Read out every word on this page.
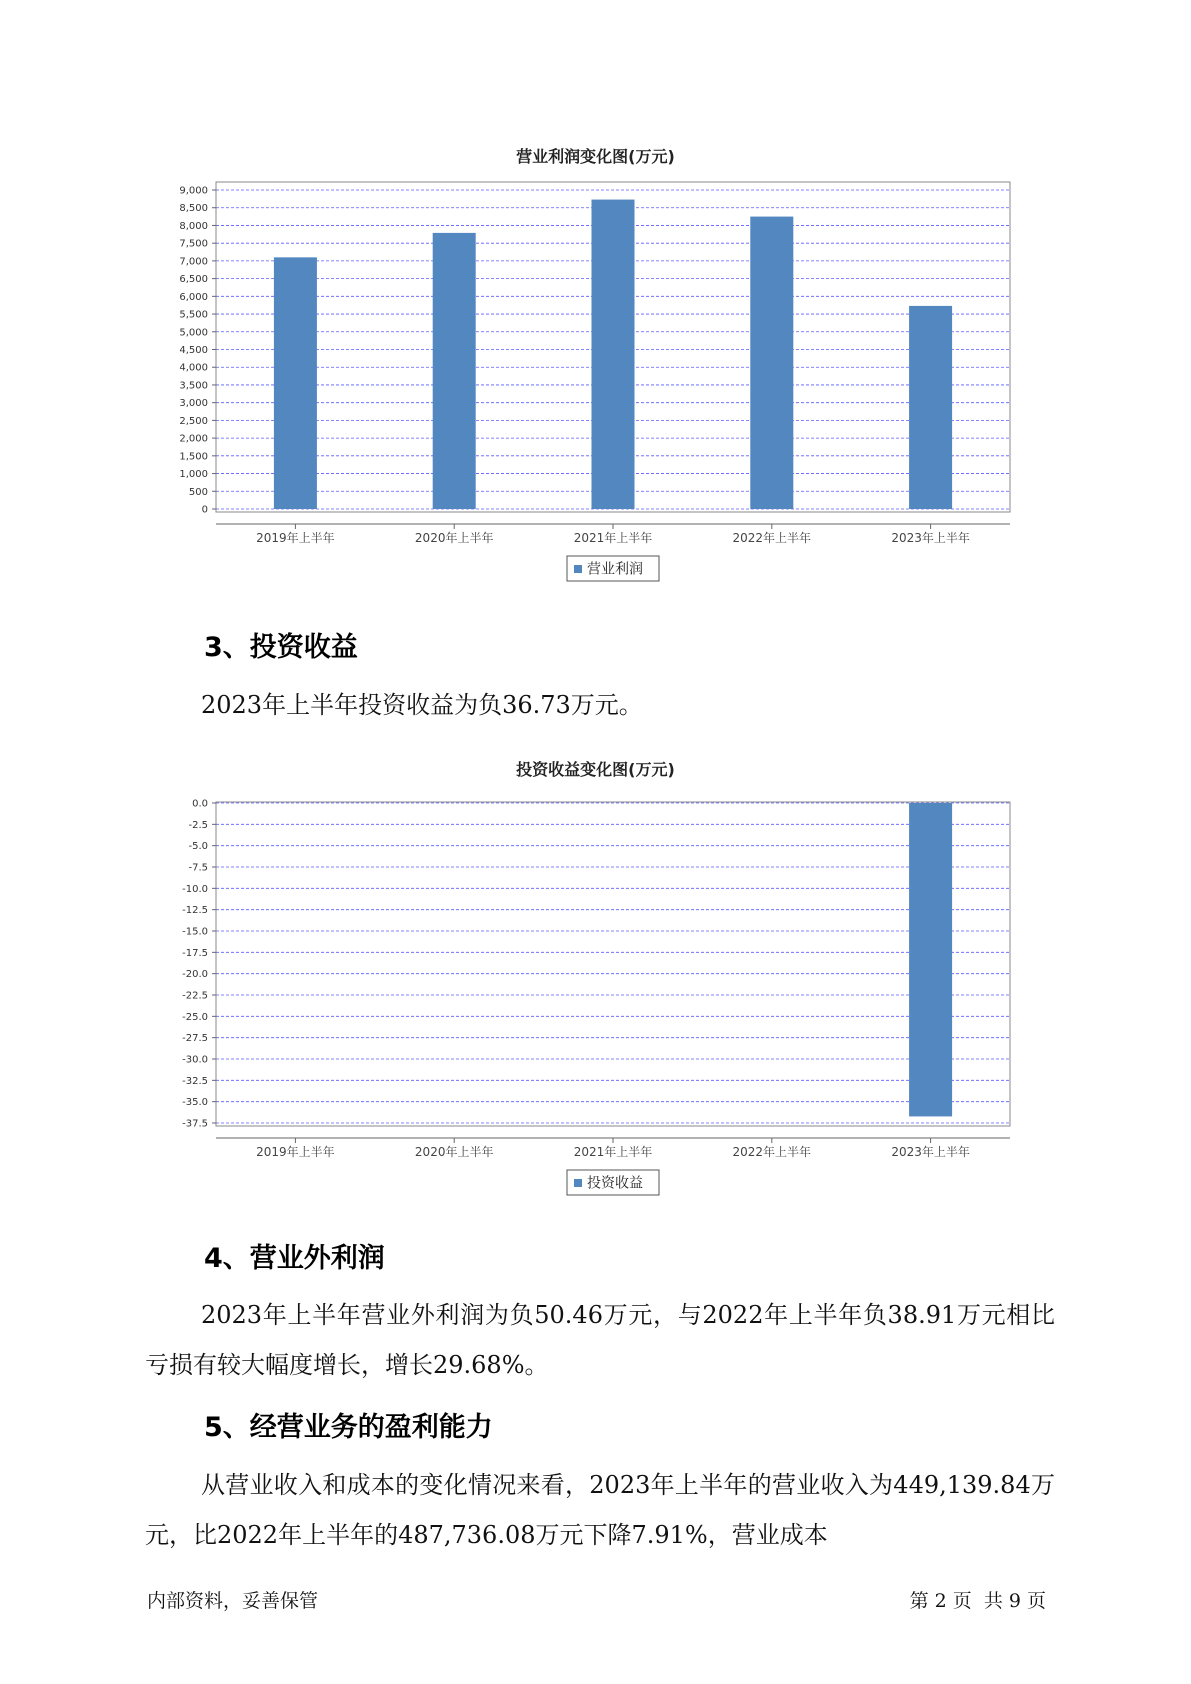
营业利润变化图(万元)
0
500
1,000
1,500
2,000
2,500
3,000
3,500
4,000
4,500
5,000
5,500
6,000
6,500
7,000
7,500
8,000
8,500
9,000
2019年上半年	2020年上半年	2021年上半年	2022年上半年	2023年上半年
营业利润
3、投资收益
2023年上半年投资收益为负36.73万元。
投资收益变化图(万元)
0.0
-2.5
-5.0
-7.5
-10.0
-12.5
-15.0
-17.5
-20.0
-22.5
-25.0
-27.5
-30.0
-32.5
-35.0
-37.5
2019年上半年	2020年上半年	2021年上半年	2022年上半年	2023年上半年
投资收益
4、营业外利润
2023年上半年营业外利润为负50.46万元，与2022年上半年负38.91万元相比亏损有较大幅度增长，增长29.68%。
5、经营业务的盈利能力
从营业收入和成本的变化情况来看，2023年上半年的营业收入为449,139.84万元，比2022年上半年的487,736.08万元下降7.91%，营业成本
内部资料，妥善保管	第 2 页  共 9 页
